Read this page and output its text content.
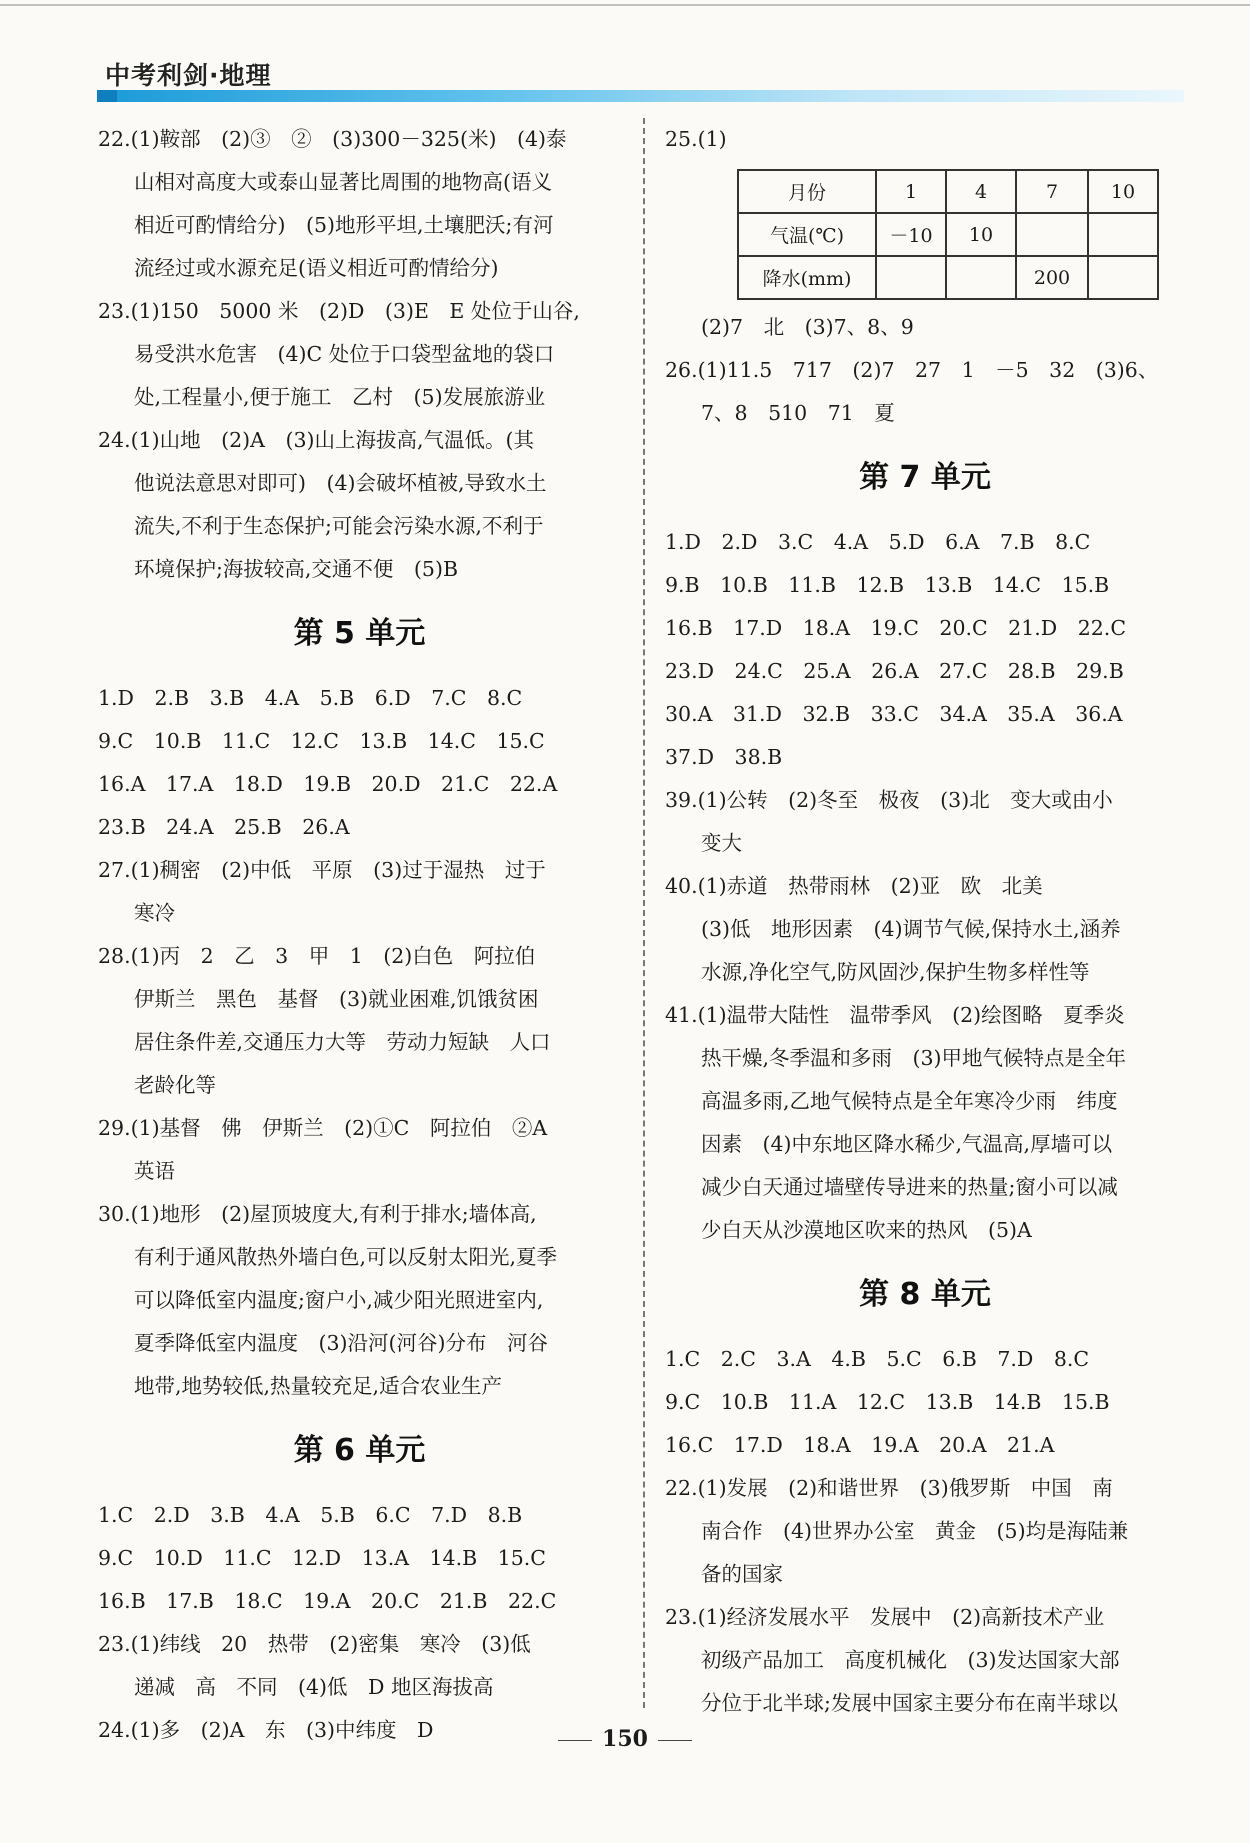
中考利剑·地理
22.(1)鞍部　(2)③　②　(3)300－325(米)　(4)泰
山相对高度大或泰山显著比周围的地物高(语义
相近可酌情给分)　(5)地形平坦,土壤肥沃;有河
流经过或水源充足(语义相近可酌情给分)
23.(1)150　5000 米　(2)D　(3)E　E 处位于山谷,
易受洪水危害　(4)C 处位于口袋型盆地的袋口
处,工程量小,便于施工　乙村　(5)发展旅游业
24.(1)山地　(2)A　(3)山上海拔高,气温低。(其
他说法意思对即可)　(4)会破坏植被,导致水土
流失,不利于生态保护;可能会污染水源,不利于
环境保护;海拔较高,交通不便　(5)B
第 5 单元
1.D　2.B　3.B　4.A　5.B　6.D　7.C　8.C
9.C　10.B　11.C　12.C　13.B　14.C　15.C
16.A　17.A　18.D　19.B　20.D　21.C　22.A
23.B　24.A　25.B　26.A
27.(1)稠密　(2)中低　平原　(3)过于湿热　过于
寒冷
28.(1)丙　2　乙　3　甲　1　(2)白色　阿拉伯
伊斯兰　黑色　基督　(3)就业困难,饥饿贫困
居住条件差,交通压力大等　劳动力短缺　人口
老龄化等
29.(1)基督　佛　伊斯兰　(2)①C　阿拉伯　②A
英语
30.(1)地形　(2)屋顶坡度大,有利于排水;墙体高,
有利于通风散热外墙白色,可以反射太阳光,夏季
可以降低室内温度;窗户小,减少阳光照进室内,
夏季降低室内温度　(3)沿河(河谷)分布　河谷
地带,地势较低,热量较充足,适合农业生产
第 6 单元
1.C　2.D　3.B　4.A　5.B　6.C　7.D　8.B
9.C　10.D　11.C　12.D　13.A　14.B　15.C
16.B　17.B　18.C　19.A　20.C　21.B　22.C
23.(1)纬线　20　热带　(2)密集　寒冷　(3)低
递减　高　不同　(4)低　D 地区海拔高
24.(1)多　(2)A　东　(3)中纬度　D
25.(1)
月份	1	4	7	10
气温(℃)	－10	10		
降水(mm)			200	
(2)7　北　(3)7、8、9
26.(1)11.5　717　(2)7　27　1　－5　32　(3)6、
7、8　510　71　夏
第 7 单元
1.D　2.D　3.C　4.A　5.D　6.A　7.B　8.C
9.B　10.B　11.B　12.B　13.B　14.C　15.B
16.B　17.D　18.A　19.C　20.C　21.D　22.C
23.D　24.C　25.A　26.A　27.C　28.B　29.B
30.A　31.D　32.B　33.C　34.A　35.A　36.A
37.D　38.B
39.(1)公转　(2)冬至　极夜　(3)北　变大或由小
变大
40.(1)赤道　热带雨林　(2)亚　欧　北美
(3)低　地形因素　(4)调节气候,保持水土,涵养
水源,净化空气,防风固沙,保护生物多样性等
41.(1)温带大陆性　温带季风　(2)绘图略　夏季炎
热干燥,冬季温和多雨　(3)甲地气候特点是全年
高温多雨,乙地气候特点是全年寒冷少雨　纬度
因素　(4)中东地区降水稀少,气温高,厚墙可以
减少白天通过墙壁传导进来的热量;窗小可以减
少白天从沙漠地区吹来的热风　(5)A
第 8 单元
1.C　2.C　3.A　4.B　5.C　6.B　7.D　8.C
9.C　10.B　11.A　12.C　13.B　14.B　15.B
16.C　17.D　18.A　19.A　20.A　21.A
22.(1)发展　(2)和谐世界　(3)俄罗斯　中国　南
南合作　(4)世界办公室　黄金　(5)均是海陆兼
备的国家
23.(1)经济发展水平　发展中　(2)高新技术产业
初级产品加工　高度机械化　(3)发达国家大部
分位于北半球;发展中国家主要分布在南半球以
150
